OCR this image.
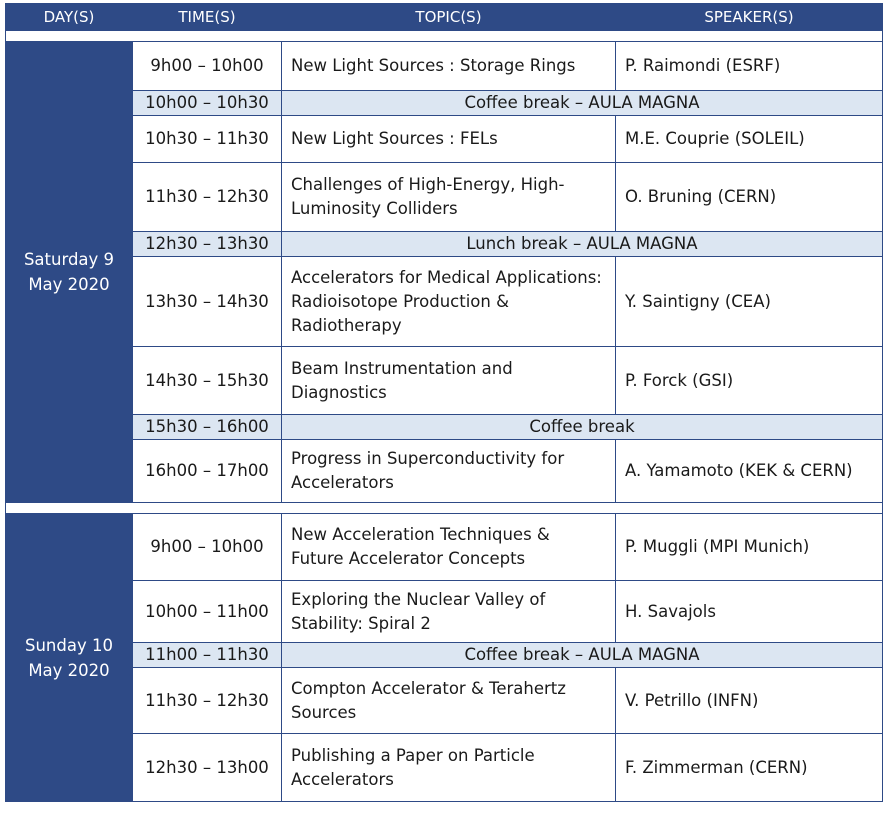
DAY(S)	TIME(S)	TOPIC(S)	SPEAKER(S)

Saturday 9
May 2020	9h00 – 10h00	New Light Sources : Storage Rings	P. Raimondi (ESRF)
	10h00 – 10h30	Coffee break – AULA MAGNA	
	10h30 – 11h30	New Light Sources : FELs	M.E. Couprie (SOLEIL)
	11h30 – 12h30	Challenges of High-Energy, High-Luminosity Colliders	O. Bruning (CERN)
	12h30 – 13h30	Lunch break – AULA MAGNA	
	13h30 – 14h30	Accelerators for Medical Applications: Radioisotope Production & Radiotherapy	Y. Saintigny (CEA)
	14h30 – 15h30	Beam Instrumentation and Diagnostics	P. Forck (GSI)
	15h30 – 16h00	Coffee break	
	16h00 – 17h00	Progress in Superconductivity for Accelerators	A. Yamamoto (KEK & CERN)

Sunday 10
May 2020	9h00 – 10h00	New Acceleration Techniques & Future Accelerator Concepts	P. Muggli (MPI Munich)
	10h00 – 11h00	Exploring the Nuclear Valley of Stability: Spiral 2	H. Savajols
	11h00 – 11h30	Coffee break – AULA MAGNA	
	11h30 – 12h30	Compton Accelerator & Terahertz Sources	V. Petrillo (INFN)
	12h30 – 13h00	Publishing a Paper on Particle Accelerators	F. Zimmerman (CERN)
